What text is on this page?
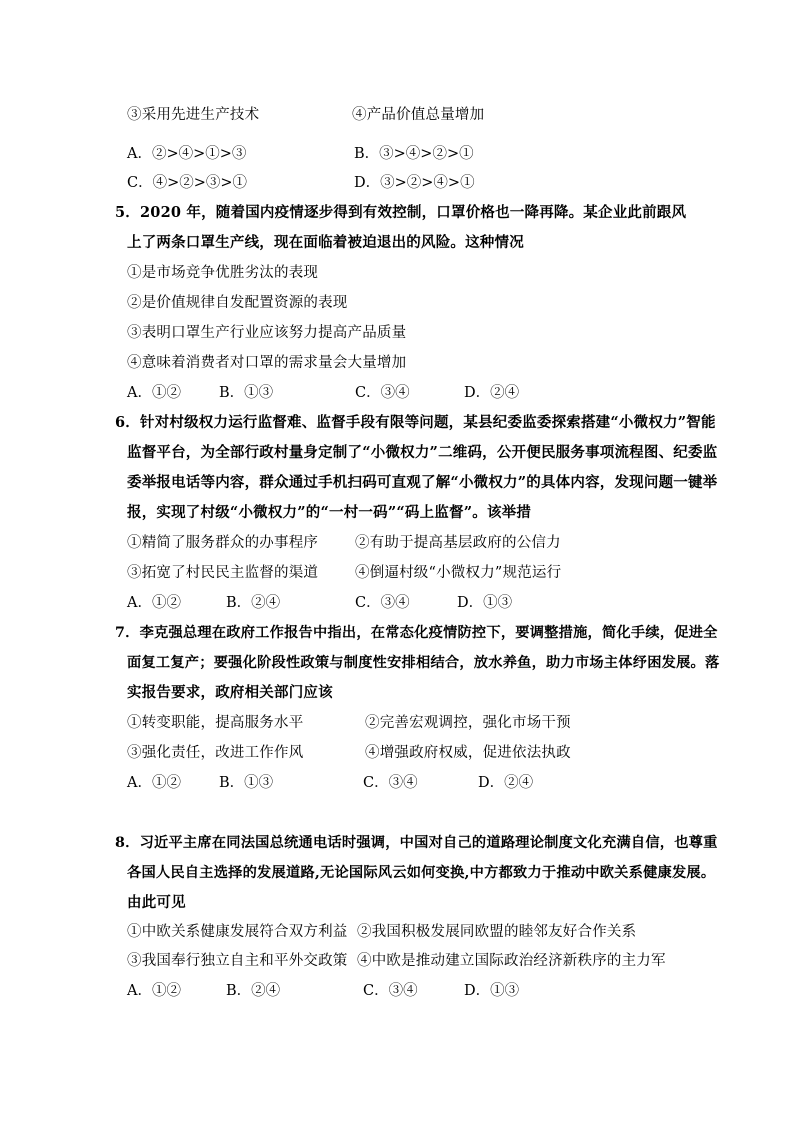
③采用先进生产技术	④产品价值总量增加
A．②>④>①>③	B．③>④>②>①
C．④>②>③>①	D．③>②>④>①
5．2020 年，随着国内疫情逐步得到有效控制，口罩价格也一降再降。某企业此前跟风
上了两条口罩生产线，现在面临着被迫退出的风险。这种情况
①是市场竞争优胜劣汰的表现
②是价值规律自发配置资源的表现
③表明口罩生产行业应该努力提高产品质量
④意味着消费者对口罩的需求量会大量增加
A．①②	B．①③	C．③④	D．②④
6．针对村级权力运行监督难、监督手段有限等问题，某县纪委监委探索搭建“小微权力”智能
监督平台，为全部行政村量身定制了“小微权力”二维码，公开便民服务事项流程图、纪委监
委举报电话等内容，群众通过手机扫码可直观了解“小微权力”的具体内容，发现问题一键举
报，实现了村级“小微权力”的“一村一码”“码上监督”。该举措
①精简了服务群众的办事程序	②有助于提高基层政府的公信力
③拓宽了村民民主监督的渠道	④倒逼村级“小微权力”规范运行
A．①②	B．②④	C．③④	D．①③
7．李克强总理在政府工作报告中指出，在常态化疫情防控下，要调整措施，简化手续，促进全
面复工复产；要强化阶段性政策与制度性安排相结合，放水养鱼，助力市场主体纾困发展。落
实报告要求，政府相关部门应该
①转变职能，提高服务水平	②完善宏观调控，强化市场干预
③强化责任，改进工作作风	④增强政府权威，促进依法执政
A．①②	B．①③	C．③④	D．②④
8．习近平主席在同法国总统通电话时强调，中国对自己的道路理论制度文化充满自信，也尊重
各国人民自主选择的发展道路,无论国际风云如何变换,中方都致力于推动中欧关系健康发展。
由此可见
①中欧关系健康发展符合双方利益 ②我国积极发展同欧盟的睦邻友好合作关系
③我国奉行独立自主和平外交政策 ④中欧是推动建立国际政治经济新秩序的主力军
A．①②	B．②④	C．③④	D．①③
